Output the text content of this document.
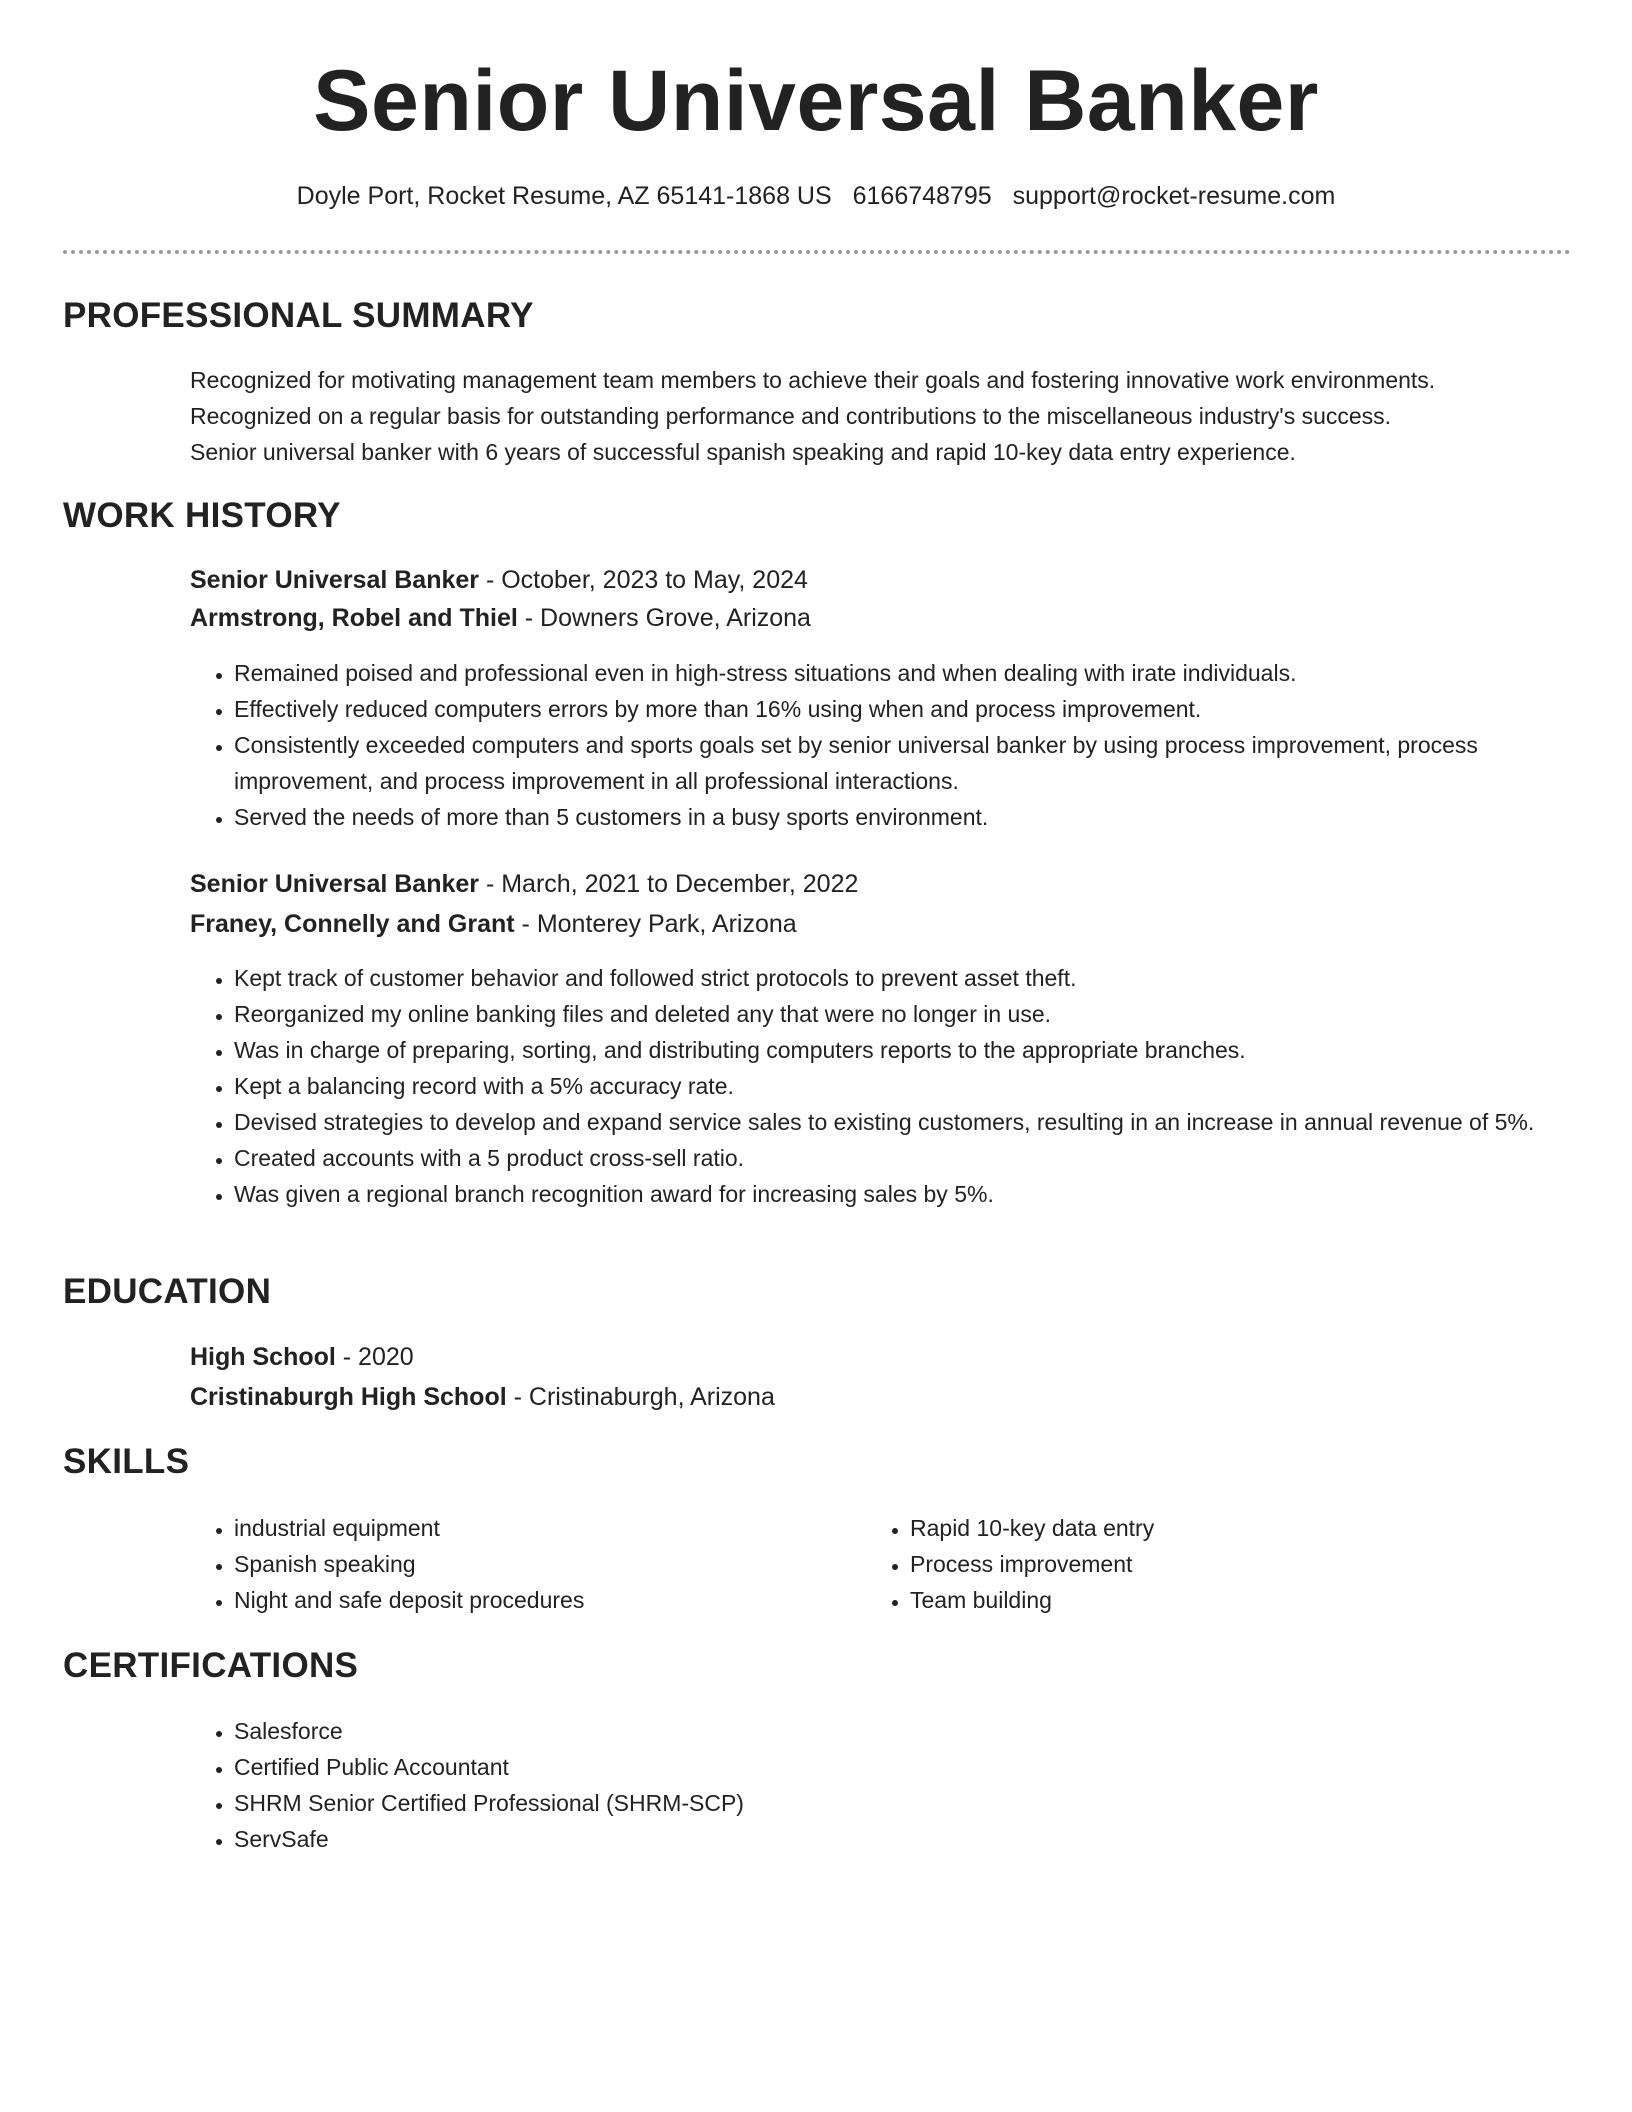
Senior Universal Banker
Doyle Port, Rocket Resume, AZ 65141-1868 US 6166748795 support@rocket-resume.com
PROFESSIONAL SUMMARY
Recognized for motivating management team members to achieve their goals and fostering innovative work environments.
Recognized on a regular basis for outstanding performance and contributions to the miscellaneous industry's success.
Senior universal banker with 6 years of successful spanish speaking and rapid 10-key data entry experience.
WORK HISTORY
Senior Universal Banker - October, 2023 to May, 2024
Armstrong, Robel and Thiel - Downers Grove, Arizona
• Remained poised and professional even in high-stress situations and when dealing with irate individuals.
• Effectively reduced computers errors by more than 16% using when and process improvement.
• Consistently exceeded computers and sports goals set by senior universal banker by using process improvement, process improvement, and process improvement in all professional interactions.
• Served the needs of more than 5 customers in a busy sports environment.
Senior Universal Banker - March, 2021 to December, 2022
Franey, Connelly and Grant - Monterey Park, Arizona
• Kept track of customer behavior and followed strict protocols to prevent asset theft.
• Reorganized my online banking files and deleted any that were no longer in use.
• Was in charge of preparing, sorting, and distributing computers reports to the appropriate branches.
• Kept a balancing record with a 5% accuracy rate.
• Devised strategies to develop and expand service sales to existing customers, resulting in an increase in annual revenue of 5%.
• Created accounts with a 5 product cross-sell ratio.
• Was given a regional branch recognition award for increasing sales by 5%.
EDUCATION
High School - 2020
Cristinaburgh High School - Cristinaburgh, Arizona
SKILLS
• industrial equipment
• Spanish speaking
• Night and safe deposit procedures
• Rapid 10-key data entry
• Process improvement
• Team building
CERTIFICATIONS
• Salesforce
• Certified Public Accountant
• SHRM Senior Certified Professional (SHRM-SCP)
• ServSafe
